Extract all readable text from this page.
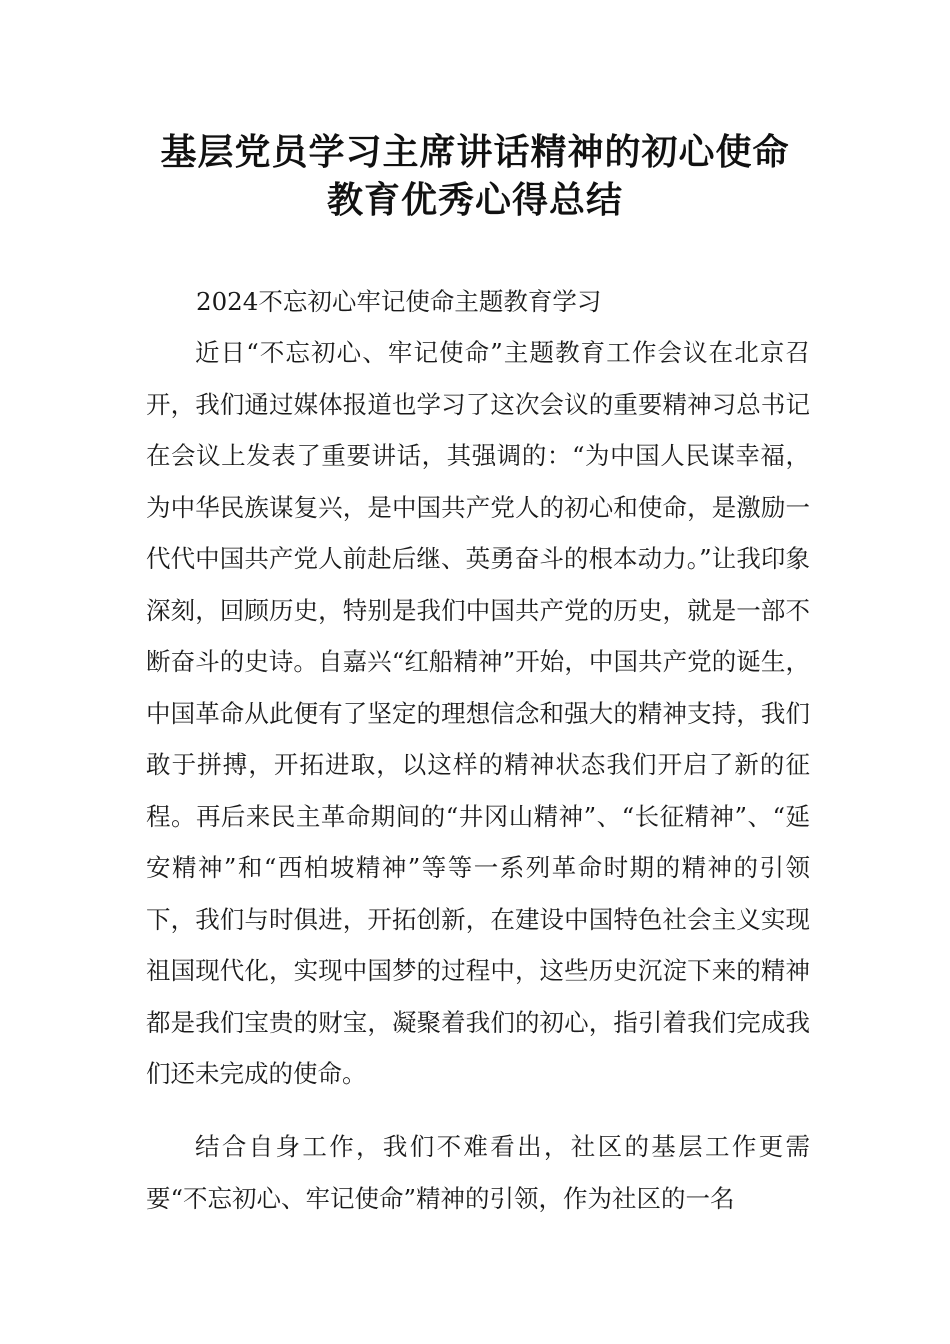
基层党员学习主席讲话精神的初心使命
教育优秀心得总结

2024不忘初心牢记使命主题教育学习

近日“不忘初心、牢记使命”主题教育工作会议在北京召开，我们通过媒体报道也学习了这次会议的重要精神习总书记在会议上发表了重要讲话，其强调的：“为中国人民谋幸福，为中华民族谋复兴，是中国共产党人的初心和使命，是激励一代代中国共产党人前赴后继、英勇奋斗的根本动力。”让我印象深刻，回顾历史，特别是我们中国共产党的历史，就是一部不断奋斗的史诗。自嘉兴“红船精神”开始，中国共产党的诞生，中国革命从此便有了坚定的理想信念和强大的精神支持，我们敢于拼搏，开拓进取，以这样的精神状态我们开启了新的征程。再后来民主革命期间的“井冈山精神”、“长征精神”、“延安精神”和“西柏坡精神”等等一系列革命时期的精神的引领下，我们与时俱进，开拓创新，在建设中国特色社会主义实现祖国现代化，实现中国梦的过程中，这些历史沉淀下来的精神都是我们宝贵的财宝，凝聚着我们的初心，指引着我们完成我们还未完成的使命。

结合自身工作，我们不难看出，社区的基层工作更需要“不忘初心、牢记使命”精神的引领，作为社区的一名
